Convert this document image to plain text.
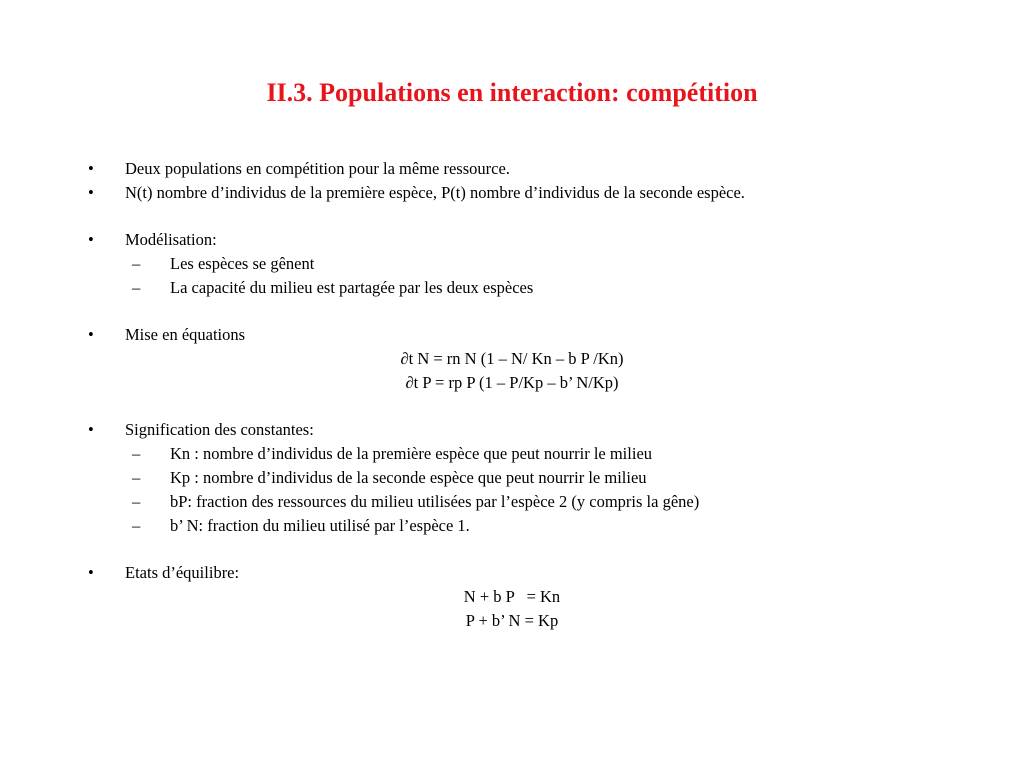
II.3. Populations en interaction: compétition
• Deux populations en compétition pour la même ressource.
• N(t) nombre d’individus de la première espèce, P(t) nombre d’individus de la seconde espèce.
• Modélisation:
– Les espèces se gênent
– La capacité du milieu est partagée par les deux espèces
• Mise en équations
∂t N = rn N (1 – N/ Kn – b P /Kn)
∂t P = rp P (1 – P/Kp – b’ N/Kp)
• Signification des constantes:
– Kn : nombre d’individus de la première espèce que peut nourrir le milieu
– Kp : nombre d’individus de la seconde espèce que peut nourrir le milieu
– bP: fraction des ressources du milieu utilisées par l’espèce 2 (y compris la gêne)
– b’ N: fraction du milieu utilisé par l’espèce 1.
• Etats d’équilibre:
N + b P   = Kn
P + b’ N = Kp
